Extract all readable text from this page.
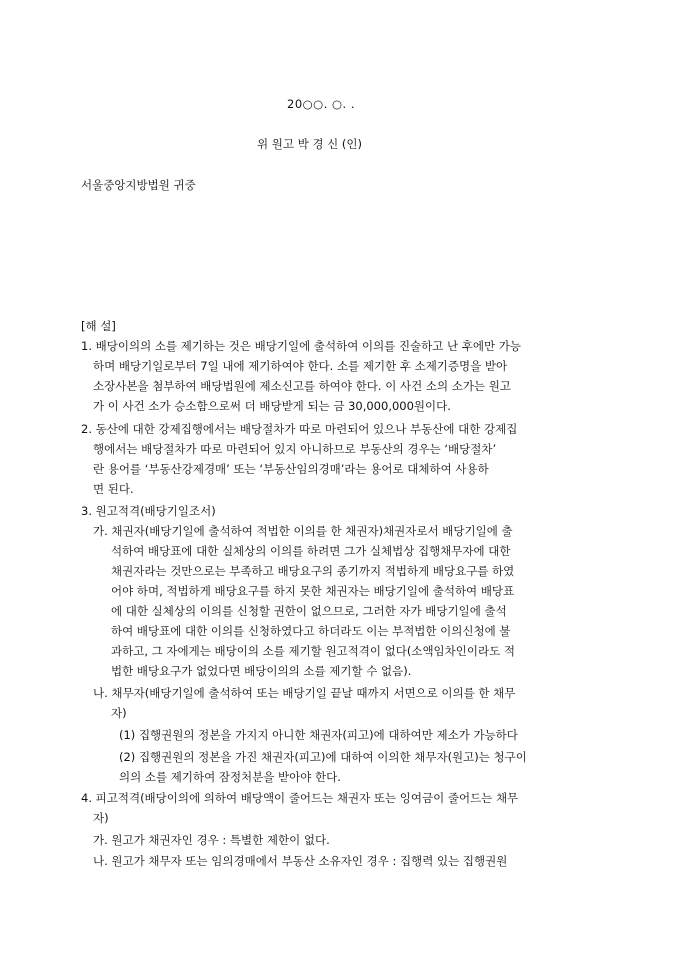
20○○. ○. .
위 원고 박 경 신 (인)
서울중앙지방법원 귀중
[해 설]
1. 배당이의의 소를 제기하는 것은 배당기일에 출석하여 이의를 진술하고 난 후에만 가능
하며 배당기일로부터 7일 내에 제기하여야 한다. 소를 제기한 후 소제기증명을 받아
소장사본을 첨부하여 배당법원에 제소신고를 하여야 한다. 이 사건 소의 소가는 원고
가 이 사건 소가 승소함으로써 더 배당받게 되는 금 30,000,000원이다.
2. 동산에 대한 강제집행에서는 배당절차가 따로 마련되어 있으나 부동산에 대한 강제집
행에서는 배당절차가 따로 마련되어 있지 아니하므로 부동산의 경우는 ‘배당절차’
란 용어를 ‘부동산강제경매’ 또는 ‘부동산임의경매’라는 용어로 대체하여 사용하
면 된다.
3. 원고적격(배당기일조서)
가. 채권자(배당기일에 출석하여 적법한 이의를 한 채권자)채권자로서 배당기일에 출
석하여 배당표에 대한 실체상의 이의를 하려면 그가 실체법상 집행채무자에 대한
채권자라는 것만으로는 부족하고 배당요구의 종기까지 적법하게 배당요구를 하였
어야 하며, 적법하게 배당요구를 하지 못한 채권자는 배당기일에 출석하여 배당표
에 대한 실체상의 이의를 신청할 권한이 없으므로, 그러한 자가 배당기일에 출석
하여 배당표에 대한 이의를 신청하였다고 하더라도 이는 부적법한 이의신청에 불
과하고, 그 자에게는 배당이의 소를 제기할 원고적격이 없다(소액임차인이라도 적
법한 배당요구가 없었다면 배당이의의 소를 제기할 수 없음).
나. 채무자(배당기일에 출석하여 또는 배당기일 끝날 때까지 서면으로 이의를 한 채무
자)
(1) 집행권원의 정본을 가지지 아니한 채권자(피고)에 대하여만 제소가 가능하다
(2) 집행권원의 정본을 가진 채권자(피고)에 대하여 이의한 채무자(원고)는 청구이
의의 소를 제기하여 잠정처분을 받아야 한다.
4. 피고적격(배당이의에 의하여 배당액이 줄어드는 채권자 또는 잉여금이 줄어드는 채무
자)
가. 원고가 채권자인 경우 : 특별한 제한이 없다.
나. 원고가 채무자 또는 임의경매에서 부동산 소유자인 경우 : 집행력 있는 집행권원
